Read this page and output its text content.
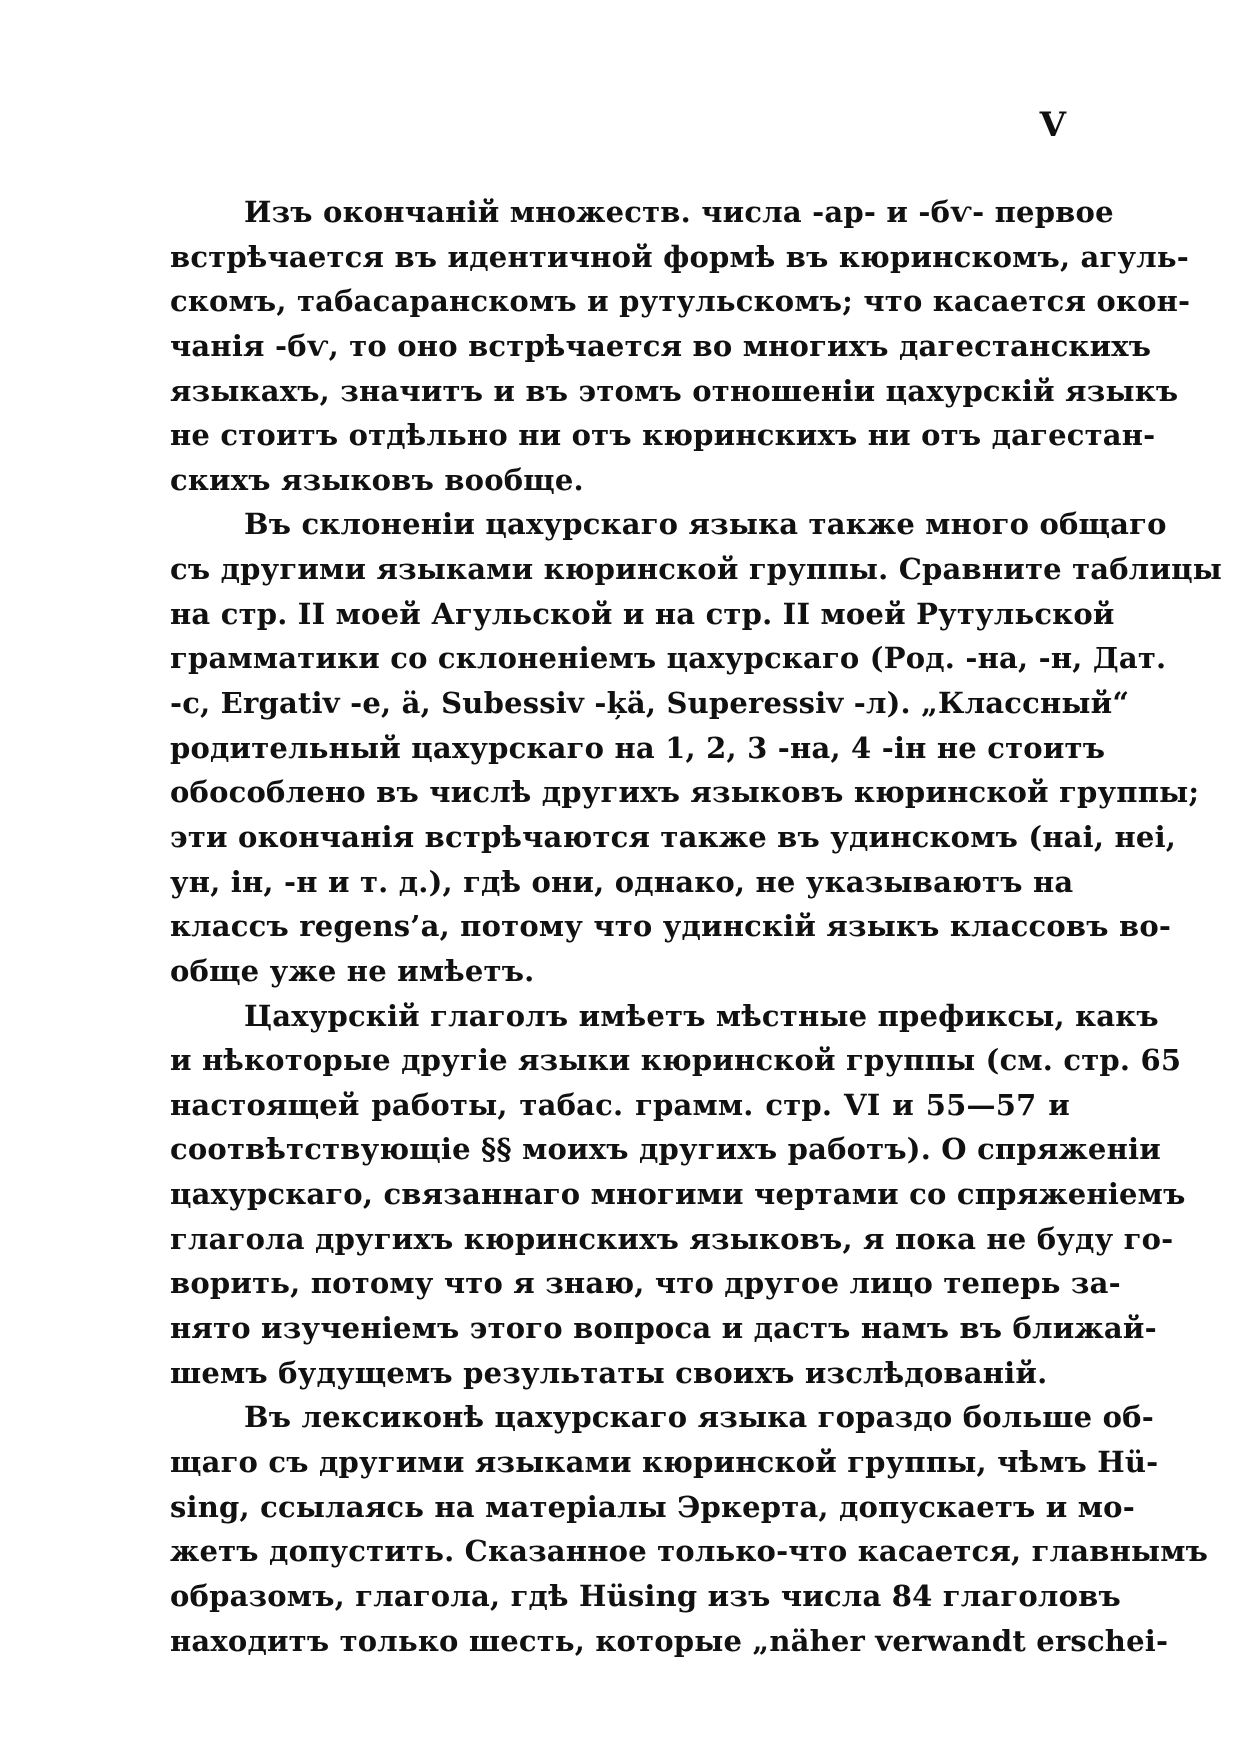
V
Изъ окончаній множеств. числа -ар- и -бѵ- первое
встрѣчается въ идентичной формѣ въ кюринскомъ, агуль-
скомъ, табасаранскомъ и рутульскомъ; что касается окон-
чанія -бѵ, то оно встрѣчается во многихъ дагестанскихъ
языкахъ, значитъ и въ этомъ отношеніи цахурскій языкъ
не стоитъ отдѣльно ни отъ кюринскихъ ни отъ дагестан-
скихъ языковъ вообще.
Въ склоненіи цахурскаго языка также много общаго
съ другими языками кюринской группы. Сравните таблицы
на стр. II моей Агульской и на стр. II моей Рутульской
грамматики со склоненіемъ цахурскаго (Род. -на, -н, Дат.
-с, Ergativ -е, ä, Subessiv -ķä, Superessiv -л). „Классный“
родительный цахурскаго на 1, 2, 3 -на, 4 -ін не стоитъ
обособлено въ числѣ другихъ языковъ кюринской группы;
эти окончанія встрѣчаются также въ удинскомъ (наі, неі,
ун, ін, -н и т. д.), гдѣ они, однако, не указываютъ на
классъ regens’a, потому что удинскій языкъ классовъ во-
обще уже не имѣетъ.
Цахурскій глаголъ имѣетъ мѣстные префиксы, какъ
и нѣкоторые другіе языки кюринской группы (см. стр. 65
настоящей работы, табас. грамм. стр. VI и 55—57 и
соотвѣтствующіе §§ моихъ другихъ работъ). О спряженіи
цахурскаго, связаннаго многими чертами со спряженіемъ
глагола другихъ кюринскихъ языковъ, я пока не буду го-
ворить, потому что я знаю, что другое лицо теперь за-
нято изученіемъ этого вопроса и дастъ намъ въ ближай-
шемъ будущемъ результаты своихъ изслѣдованій.
Въ лексиконѣ цахурскаго языка гораздо больше об-
щаго съ другими языками кюринской группы, чѣмъ Hü-
sing, ссылаясь на матеріалы Эркерта, допускаетъ и мо-
жетъ допустить. Сказанное только-что касается, главнымъ
образомъ, глагола, гдѣ Hüsing изъ числа 84 глаголовъ
находитъ только шесть, которые „näher verwandt erschei-
